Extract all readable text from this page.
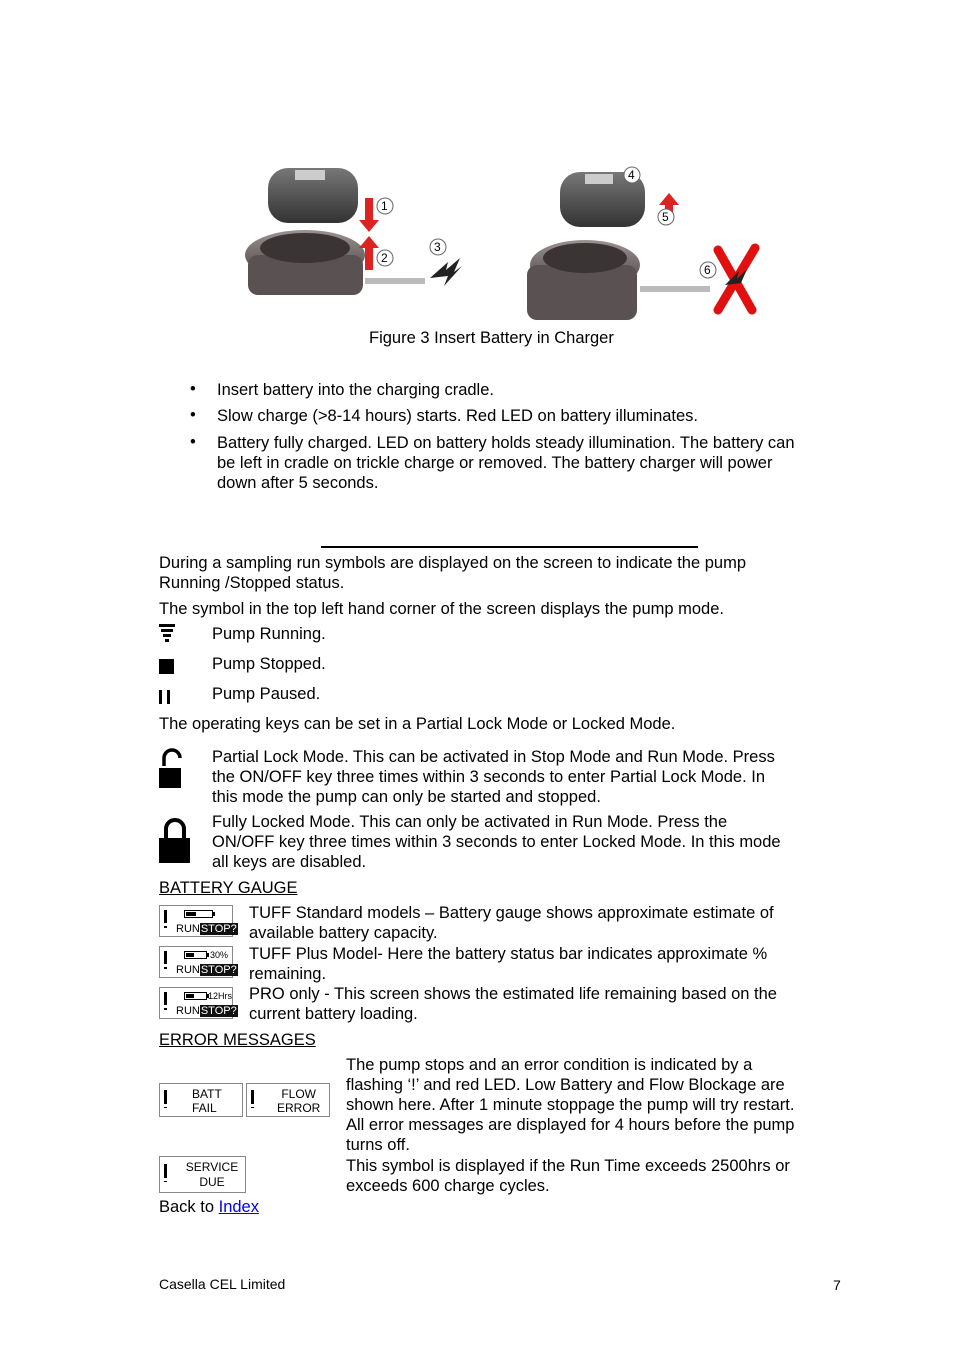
1
2
3
4
5
6
Figure 3 Insert Battery in Charger
• Insert battery into the charging cradle.
• Slow charge (>8-14 hours) starts. Red LED on battery illuminates.
• Battery fully charged. LED on battery holds steady illumination. The battery can
be left in cradle on trickle charge or removed. The battery charger will power
down after 5 seconds.
During a sampling run symbols are displayed on the screen to indicate the pump
Running /Stopped status.
The symbol in the top left hand corner of the screen displays the pump mode.
Pump Running.
Pump Stopped.
Pump Paused.
The operating keys can be set in a Partial Lock Mode or Locked Mode.
Partial Lock Mode. This can be activated in Stop Mode and Run Mode. Press
the ON/OFF key three times within 3 seconds to enter Partial Lock Mode. In
this mode the pump can only be started and stopped.
Fully Locked Mode. This can only be activated in Run Mode. Press the
ON/OFF key three times within 3 seconds to enter Locked Mode. In this mode
all keys are disabled.
BATTERY GAUGE
RUNSTOP?
TUFF Standard models – Battery gauge shows approximate estimate of
available battery capacity.
30%
RUNSTOP?
TUFF Plus Model- Here the battery status bar indicates approximate %
remaining.
12Hrs
RUNSTOP?
PRO only - This screen shows the estimated life remaining based on the
current battery loading.
ERROR MESSAGES
BATT
FAIL
FLOW
ERROR
The pump stops and an error condition is indicated by a
flashing ‘!’ and red LED. Low Battery and Flow Blockage are
shown here. After 1 minute stoppage the pump will try restart.
All error messages are displayed for 4 hours before the pump
turns off.
SERVICE
DUE
This symbol is displayed if the Run Time exceeds 2500hrs or
exceeds 600 charge cycles.
Back to Index
Casella CEL Limited	7
